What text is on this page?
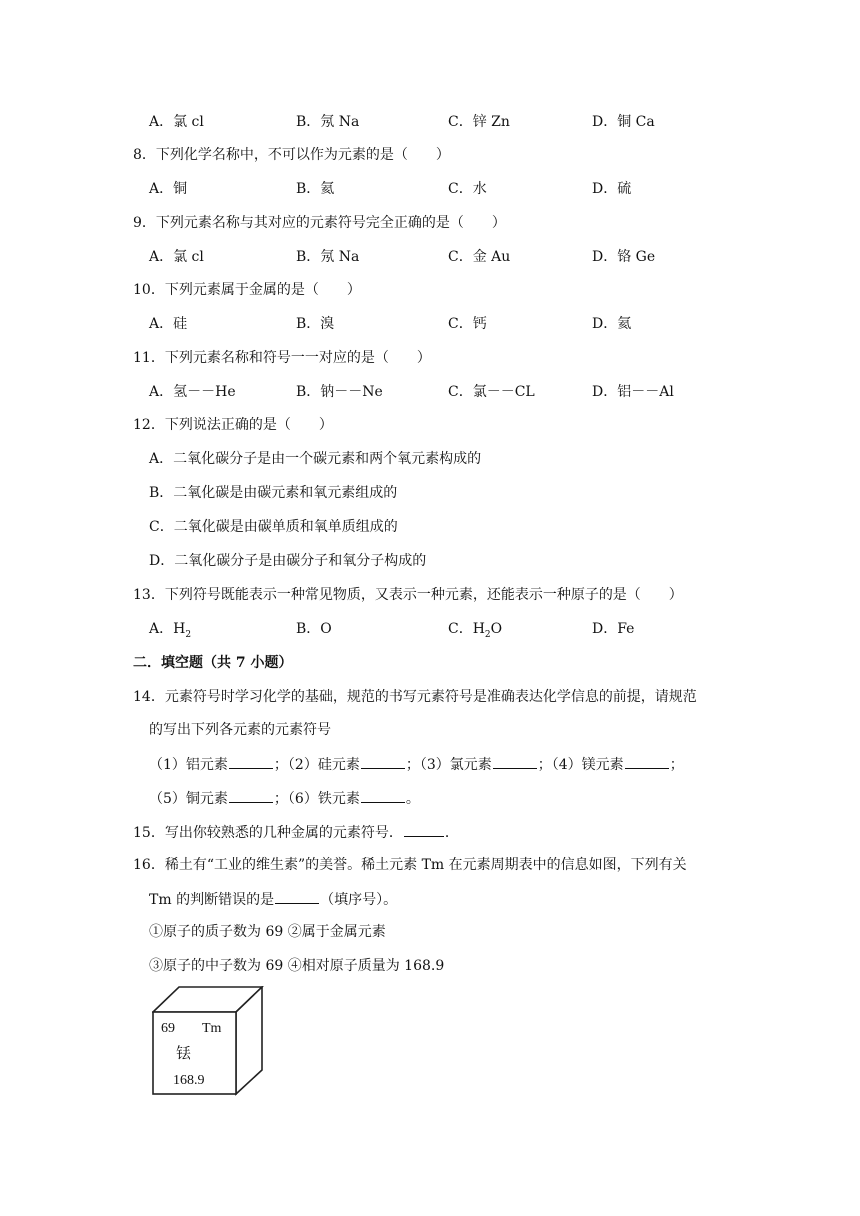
A．氯 cl	B．氖 Na	C．锌 Zn	D．铜 Ca
8．下列化学名称中，不可以作为元素的是（　　）
A．铜	B．氦	C．水	D．硫
9．下列元素名称与其对应的元素符号完全正确的是（　　）
A．氯 cl	B．氖 Na	C．金 Au	D．铬 Ge
10．下列元素属于金属的是（　　）
A．硅	B．溴	C．钙	D．氦
11．下列元素名称和符号一一对应的是（　　）
A．氢－－He	B．钠－－Ne	C．氯－－CL	D．铝－－Al
12．下列说法正确的是（　　）
A．二氧化碳分子是由一个碳元素和两个氧元素构成的
B．二氧化碳是由碳元素和氧元素组成的
C．二氧化碳是由碳单质和氧单质组成的
D．二氧化碳分子是由碳分子和氧分子构成的
13．下列符号既能表示一种常见物质，又表示一种元素，还能表示一种原子的是（　　）
A．$H_2$	B．O	C．$H_2O$	D．Fe
二．填空题（共 7 小题）
14．元素符号时学习化学的基础，规范的书写元素符号是准确表达化学信息的前提，请规范
的写出下列各元素的元素符号
（1）铝元素	；（2）硅元素	；（3）氯元素	；（4）镁元素	；
（5）铜元素	；（6）铁元素	。
15．写出你较熟悉的几种金属的元素符号．	．
16．稀土有“工业的维生素”的美誉。稀土元素 Tm 在元素周期表中的信息如图，下列有关
Tm 的判断错误的是	（填序号）。
①原子的质子数为 69 ②属于金属元素
③原子的中子数为 69 ④相对原子质量为 168.9
69 Tm
铥
168.9
